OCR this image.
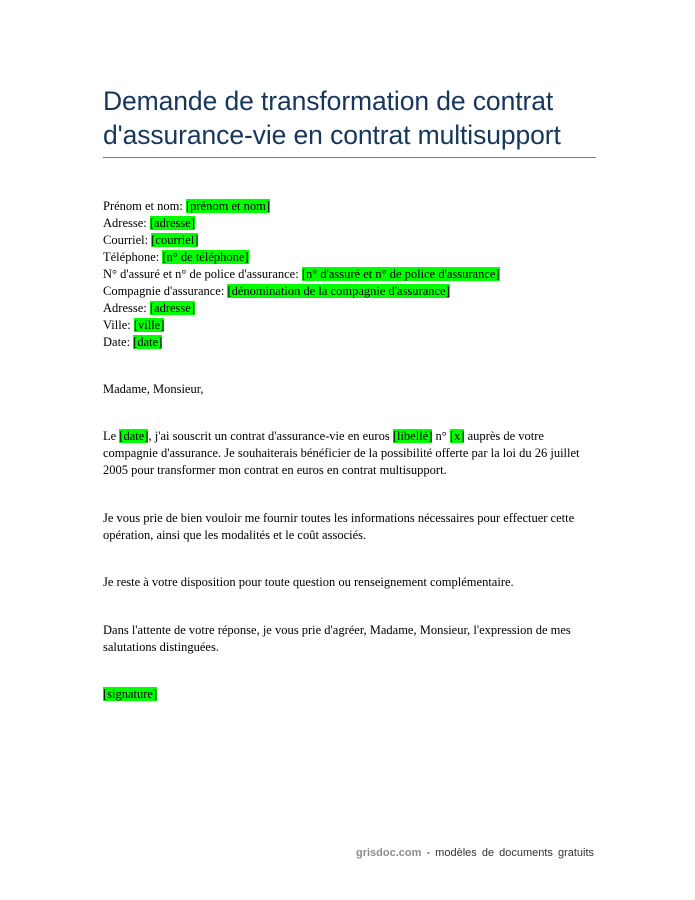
Demande de transformation de contrat
d'assurance-vie en contrat multisupport
Prénom et nom: [prénom et nom]
Adresse: [adresse]
Courriel: [courriel]
Téléphone: [n° de téléphone]
N° d'assuré et n° de police d'assurance: [n° d'assuré et n° de police d'assurance]
Compagnie d'assurance: [dénomination de la compagnie d'assurance]
Adresse: [adresse]
Ville: [ville]
Date: [date]
Madame, Monsieur,
Le [date], j'ai souscrit un contrat d'assurance-vie en euros [libellé] n° [x] auprès de votre compagnie d'assurance. Je souhaiterais bénéficier de la possibilité offerte par la loi du 26 juillet 2005 pour transformer mon contrat en euros en contrat multisupport.
Je vous prie de bien vouloir me fournir toutes les informations nécessaires pour effectuer cette opération, ainsi que les modalités et le coût associés.
Je reste à votre disposition pour toute question ou renseignement complémentaire.
Dans l'attente de votre réponse, je vous prie d'agréer, Madame, Monsieur, l'expression de mes salutations distinguées.
[signature]
grisdoc.com - modèles de documents gratuits
